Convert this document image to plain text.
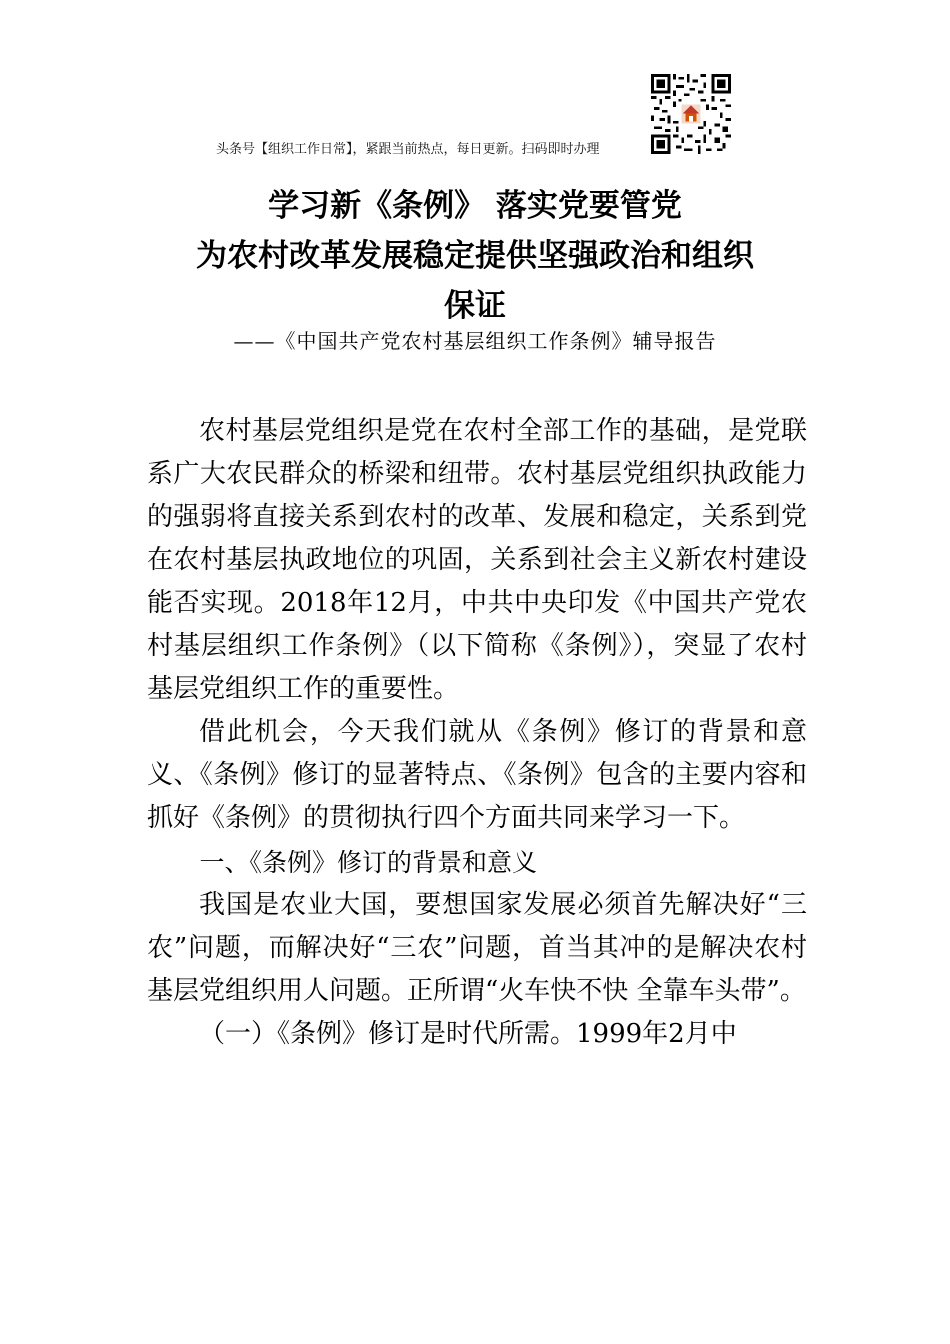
头条号【组织工作日常】，紧跟当前热点，每日更新。扫码即时办理
学习新《条例》 落实党要管党
为农村改革发展稳定提供坚强政治和组织
保证
——《中国共产党农村基层组织工作条例》辅导报告

农村基层党组织是党在农村全部工作的基础，是党联系广大农民群众的桥梁和纽带。农村基层党组织执政能力的强弱将直接关系到农村的改革、发展和稳定，关系到党在农村基层执政地位的巩固，关系到社会主义新农村建设能否实现。2018年12月，中共中央印发《中国共产党农村基层组织工作条例》（以下简称《条例》），突显了农村基层党组织工作的重要性。

借此机会，今天我们就从《条例》修订的背景和意义、《条例》修订的显著特点、《条例》包含的主要内容和抓好《条例》的贯彻执行四个方面共同来学习一下。

一、《条例》修订的背景和意义

我国是农业大国，要想国家发展必须首先解决好“三农”问题，而解决好“三农”问题，首当其冲的是解决农村基层党组织用人问题。正所谓“火车快不快 全靠车头带”。

（一）《条例》修订是时代所需。1999年2月中
